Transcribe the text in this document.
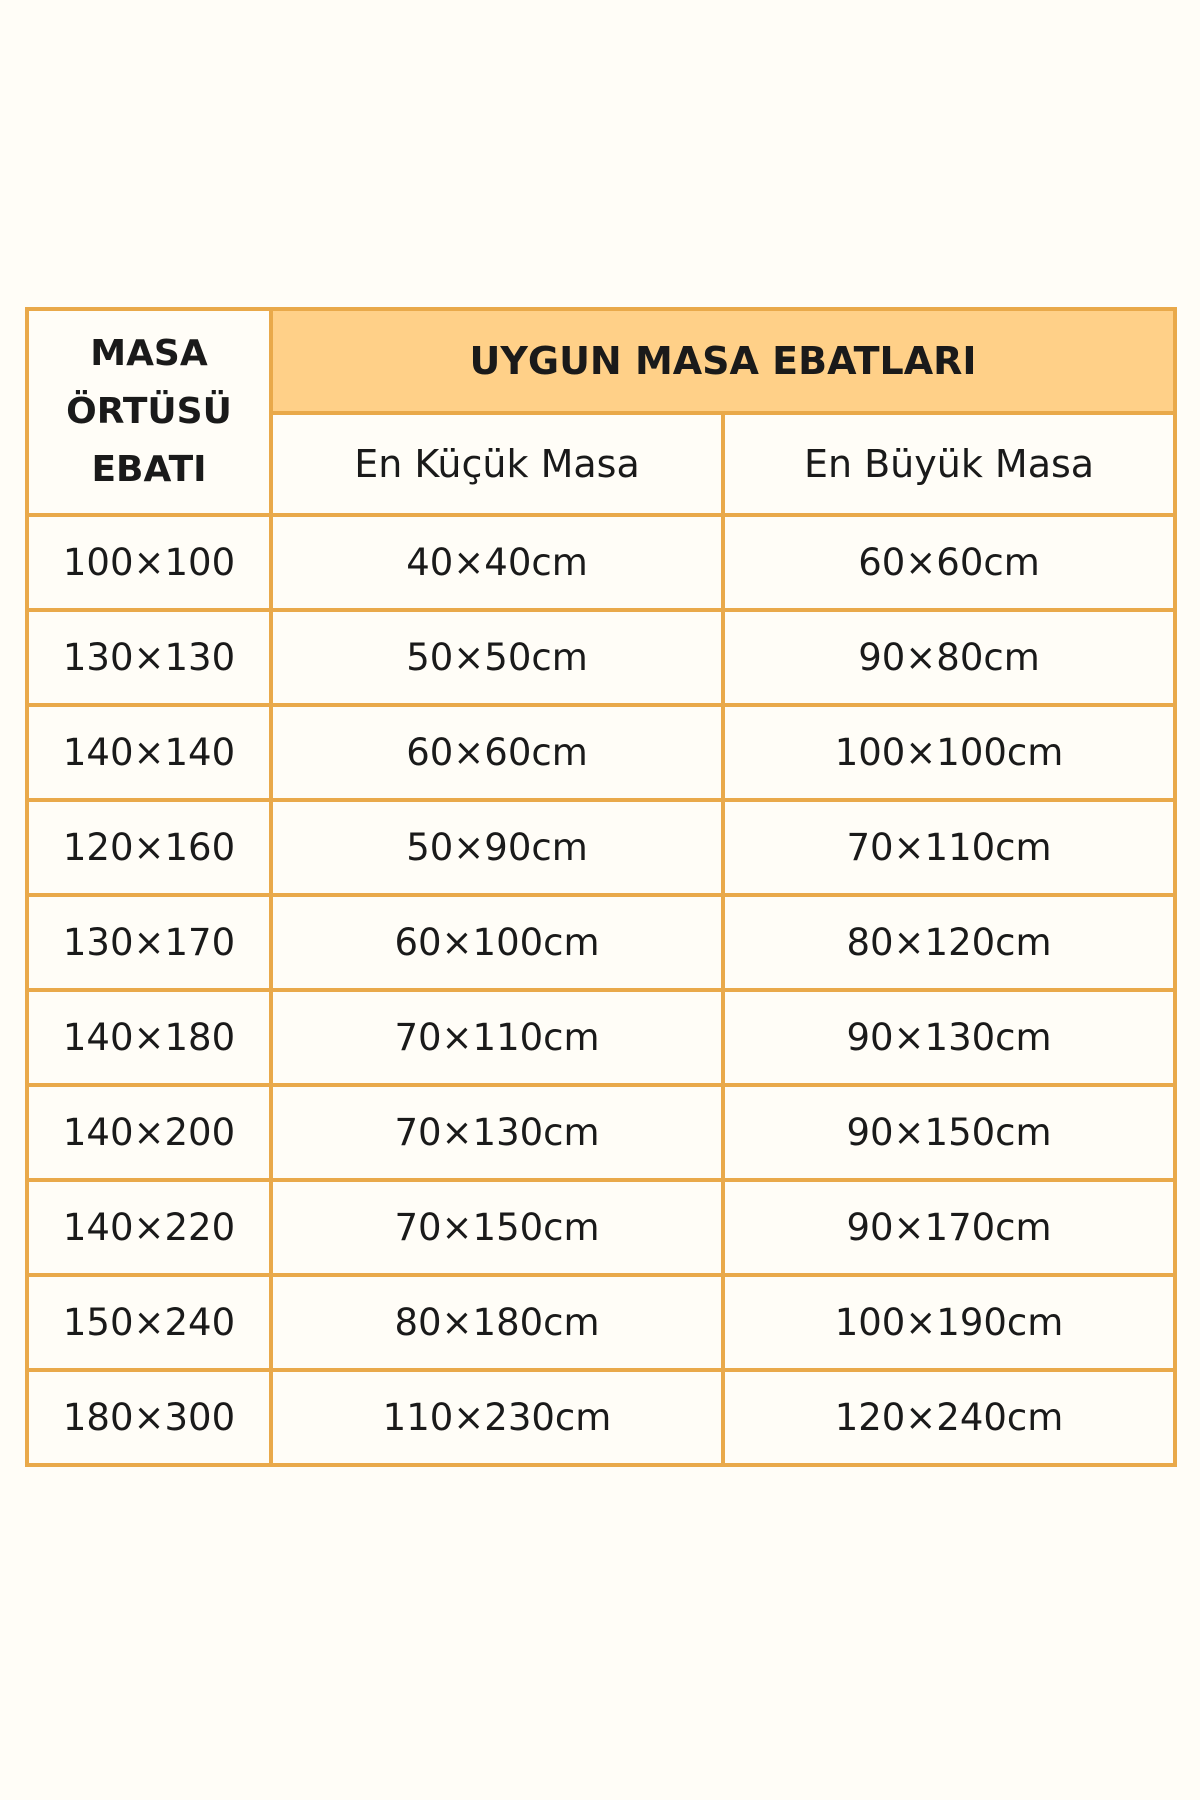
MASA
ÖRTÜSÜ
EBATI	UYGUN MASA EBATLARI	
	En Küçük Masa	En Büyük Masa
100×100	40×40cm	60×60cm
130×130	50×50cm	90×80cm
140×140	60×60cm	100×100cm
120×160	50×90cm	70×110cm
130×170	60×100cm	80×120cm
140×180	70×110cm	90×130cm
140×200	70×130cm	90×150cm
140×220	70×150cm	90×170cm
150×240	80×180cm	100×190cm
180×300	110×230cm	120×240cm
